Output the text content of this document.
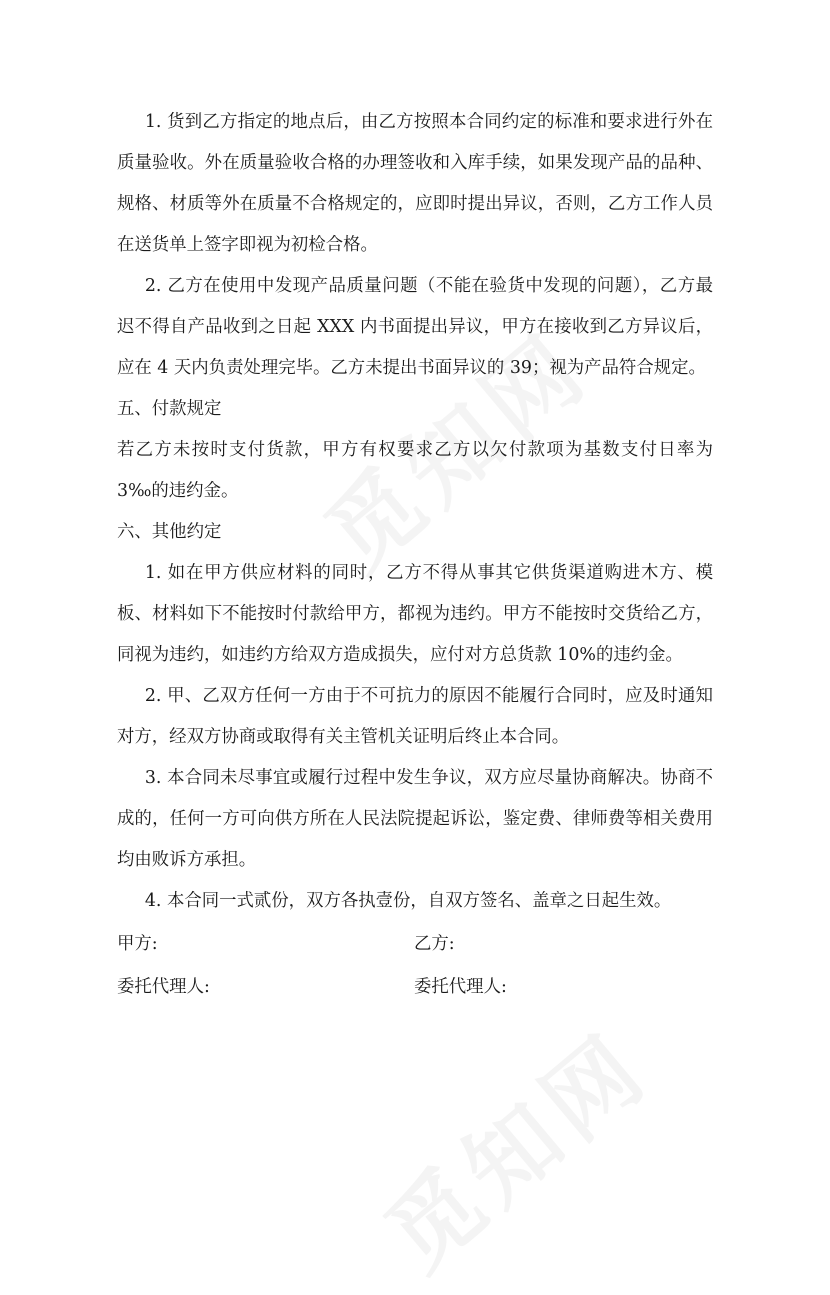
1. 货到乙方指定的地点后，由乙方按照本合同约定的标准和要求进行外在质量验收。外在质量验收合格的办理签收和入库手续，如果发现产品的品种、规格、材质等外在质量不合格规定的，应即时提出异议，否则，乙方工作人员在送货单上签字即视为初检合格。

2. 乙方在使用中发现产品质量问题（不能在验货中发现的问题），乙方最迟不得自产品收到之日起 XXX 内书面提出异议，甲方在接收到乙方异议后，应在 4 天内负责处理完毕。乙方未提出书面异议的 39；视为产品符合规定。

五、付款规定

若乙方未按时支付货款，甲方有权要求乙方以欠付款项为基数支付日率为 3‰的违约金。

六、其他约定

1. 如在甲方供应材料的同时，乙方不得从事其它供货渠道购进木方、模板、材料如下不能按时付款给甲方，都视为违约。甲方不能按时交货给乙方，同视为违约，如违约方给双方造成损失，应付对方总货款 10%的违约金。

2. 甲、乙双方任何一方由于不可抗力的原因不能履行合同时，应及时通知对方，经双方协商或取得有关主管机关证明后终止本合同。

3. 本合同未尽事宜或履行过程中发生争议，双方应尽量协商解决。协商不成的，任何一方可向供方所在人民法院提起诉讼，鉴定费、律师费等相关费用均由败诉方承担。

4. 本合同一式贰份，双方各执壹份，自双方签名、盖章之日起生效。

甲方:	乙方:
委托代理人:	委托代理人:
